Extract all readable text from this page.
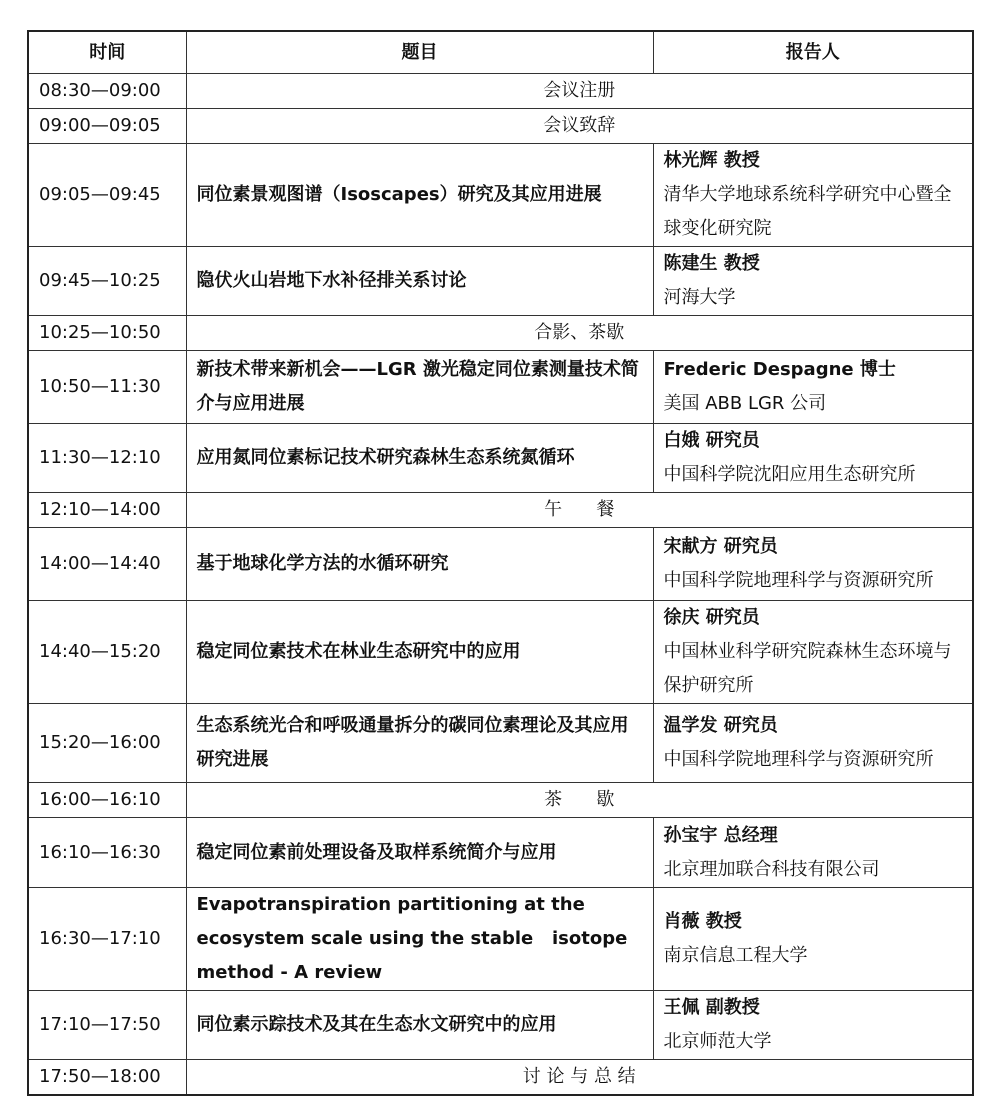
时间	题目	报告人
08:30—09:00	会议注册	
09:00—09:05	会议致辞	
09:05—09:45	同位素景观图谱（Isoscapes）研究及其应用进展	林光辉 教授
清华大学地球系统科学研究中心暨全球变化研究院

09:45—10:25	隐伏火山岩地下水补径排关系讨论	陈建生 教授
河海大学

10:25—10:50	合影、茶歇	
10:50—11:30	新技术带来新机会——LGR 激光稳定同位素测量技术简介与应用进展	Frederic Despagne 博士
美国 ABB LGR 公司

11:30—12:10	应用氮同位素标记技术研究森林生态系统氮循环	白娥 研究员
中国科学院沈阳应用生态研究所

12:10—14:00	午      餐	
14:00—14:40	基于地球化学方法的水循环研究	宋献方 研究员
中国科学院地理科学与资源研究所

14:40—15:20	稳定同位素技术在林业生态研究中的应用	徐庆 研究员
中国林业科学研究院森林生态环境与保护研究所

15:20—16:00	生态系统光合和呼吸通量拆分的碳同位素理论及其应用研究进展	温学发 研究员
中国科学院地理科学与资源研究所

16:00—16:10	茶      歇	
16:10—16:30	稳定同位素前处理设备及取样系统简介与应用	孙宝宇 总经理
北京理加联合科技有限公司

16:30—17:10	Evapotranspiration partitioning at the ecosystem scale using the stable   isotope method - A review	肖薇 教授
南京信息工程大学

17:10—17:50	同位素示踪技术及其在生态水文研究中的应用	王佩 副教授
北京师范大学

17:50—18:00	讨 论 与 总 结	
